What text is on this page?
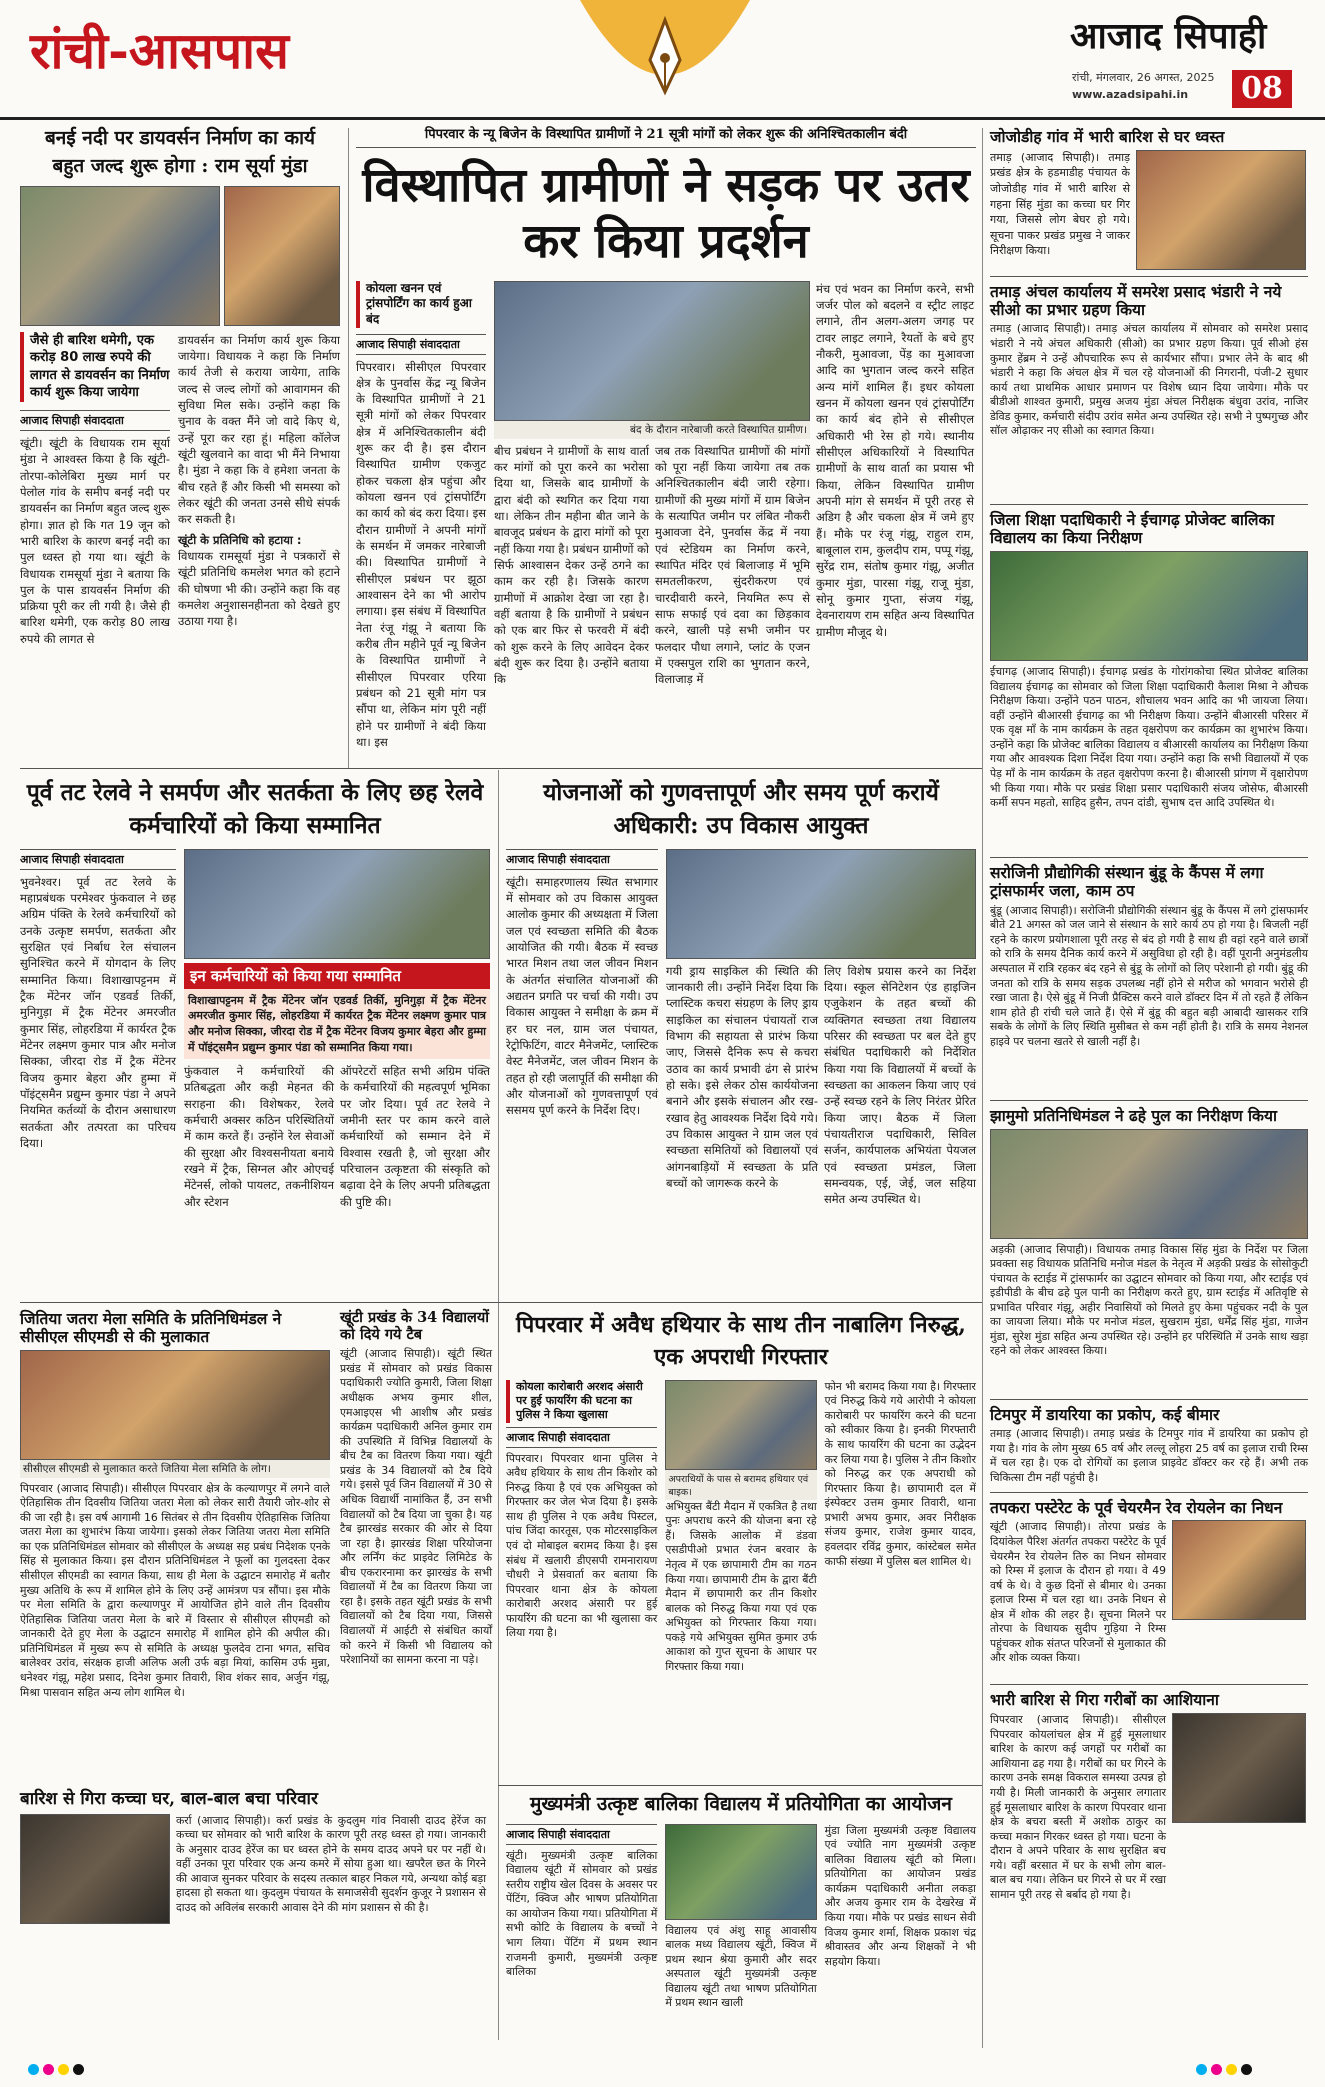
रांची-आसपास	आजाद सिपाही
रांची, मंगलवार, 26 अगस्त, 2025
www.azadsipahi.in	08
बनई नदी पर डायवर्सन निर्माण का कार्य
बहुत जल्द शुरू होगा : राम सूर्या मुंडा
जैसे ही बारिश थमेगी, एक करोड़ 80 लाख रुपये की लागत से डायवर्सन का निर्माण कार्य शुरू किया जायेगा
आजाद सिपाही संवाददाता
खूंटी। खूंटी के विधायक राम सूर्या मुंडा ने आश्वस्त किया है कि खूंटी-तोरपा-कोलेबिरा मुख्य मार्ग पर पेलोल गांव के समीप बनई नदी पर डायवर्सन का निर्माण बहुत जल्द शुरू होगा। ज्ञात हो कि गत 19 जून को भारी बारिश के कारण बनई नदी का पुल ध्वस्त हो गया था। खूंटी के विधायक रामसूर्या मुंडा ने बताया कि पुल के पास डायवर्सन निर्माण की प्रक्रिया पूरी कर ली गयी है। जैसे ही बारिश थमेगी, एक करोड़ 80 लाख रुपये की लागत से
डायवर्सन का निर्माण कार्य शुरू किया जायेगा। विधायक ने कहा कि निर्माण कार्य तेजी से कराया जायेगा, ताकि जल्द से जल्द लोगों को आवागमन की सुविधा मिल सके। उन्होंने कहा कि चुनाव के वक्त मैंने जो वादे किए थे, उन्हें पूरा कर रहा हूं। महिला कॉलेज खूंटी खुलवाने का वादा भी मैंने निभाया है। मुंडा ने कहा कि वे हमेशा जनता के बीच रहते हैं और किसी भी समस्या को लेकर खूंटी की जनता उनसे सीधे संपर्क कर सकती है।
खूंटी के प्रतिनिधि को हटाया :
विधायक रामसूर्या मुंडा ने पत्रकारों से खूंटी प्रतिनिधि कमलेश भगत को हटाने की घोषणा भी की। उन्होंने कहा कि वह कमलेश अनुशासनहीनता को देखते हुए उठाया गया है।
पिपरवार के न्यू बिजेन के विस्थापित ग्रामीणों ने 21 सूत्री मांगों को लेकर शुरू की अनिश्चितकालीन बंदी
विस्थापित ग्रामीणों ने सड़क पर उतर कर किया प्रदर्शन
कोयला खनन एवं ट्रांसपोर्टिंग का कार्य हुआ बंद
आजाद सिपाही संवाददाता
पिपरवार। सीसीएल पिपरवार क्षेत्र के पुनर्वास केंद्र न्यू बिजेन के विस्थापित ग्रामीणों ने 21 सूत्री मांगों को लेकर पिपरवार क्षेत्र में अनिश्चितकालीन बंदी शुरू कर दी है। इस दौरान विस्थापित ग्रामीण एकजुट होकर चकला क्षेत्र पहुंचा और कोयला खनन एवं ट्रांसपोर्टिंग का कार्य को बंद करा दिया। इस दौरान ग्रामीणों ने अपनी मांगों के समर्थन में जमकर नारेबाजी की। विस्थापित ग्रामीणों ने सीसीएल प्रबंधन पर झूठा आश्वासन देने का भी आरोप लगाया। इस संबंध में विस्थापित नेता रंजू गंझू ने बताया कि करीब तीन महीने पूर्व न्यू बिजेन के विस्थापित ग्रामीणों ने सीसीएल पिपरवार एरिया प्रबंधन को 21 सूत्री मांग पत्र सौंपा था, लेकिन मांग पूरी नहीं होने पर ग्रामीणों ने बंदी किया था। इस
बंद के दौरान नारेबाजी करते विस्थापित ग्रामीण।
बीच प्रबंधन ने ग्रामीणों के साथ वार्ता कर मांगों को पूरा करने का भरोसा दिया था, जिसके बाद ग्रामीणों के द्वारा बंदी को स्थगित कर दिया गया था। लेकिन तीन महीना बीत जाने के बावजूद प्रबंधन के द्वारा मांगों को पूरा नहीं किया गया है। प्रबंधन ग्रामीणों को सिर्फ आश्वासन देकर उन्हें ठगने का काम कर रही है। जिसके कारण ग्रामीणों में आक्रोश देखा जा रहा है। वहीं बताया है कि ग्रामीणों ने प्रबंधन को एक बार फिर से फरवरी में बंदी को शुरू करने के लिए आवेदन देकर बंदी शुरू कर दिया है। उन्होंने बताया कि
जब तक विस्थापित ग्रामीणों की मांगों को पूरा नहीं किया जायेगा तब तक अनिश्चितकालीन बंदी जारी रहेगा। ग्रामीणों की मुख्य मांगों में ग्राम बिजेन के सत्यापित जमीन पर लंबित नौकरी मुआवजा देने, पुनर्वास केंद्र में नया एवं स्टेडियम का निर्माण करने, स्थापित मंदिर एवं बिलाजाड़ में भूमि समतलीकरण, सुंदरीकरण एवं चारदीवारी करने, नियमित रूप से साफ सफाई एवं दवा का छिड़काव करने, खाली पड़े सभी जमीन पर फलदार पौधा लगाने, प्लांट के एजन में एक्सपुल राशि का भुगतान करने, विलाजाड़ में
मंच एवं भवन का निर्माण करने, सभी जर्जर पोल को बदलने व स्ट्रीट लाइट लगाने, तीन अलग-अलग जगह पर टावर लाइट लगाने, रैयतों के बचे हुए नौकरी, मुआवजा, पेंड़ का मुआवजा आदि का भुगतान जल्द करने सहित अन्य मांगें शामिल हैं। इधर कोयला खनन में कोयला खनन एवं ट्रांसपोर्टिंग का कार्य बंद होने से सीसीएल अधिकारी भी रेस हो गये। स्थानीय सीसीएल अधिकारियों ने विस्थापित ग्रामीणों के साथ वार्ता का प्रयास भी किया, लेकिन विस्थापित ग्रामीण अपनी मांग से समर्थन में पूरी तरह से अडिग है और चकला क्षेत्र में जमे हुए हैं। मौके पर रंजू गंझू, राहुल राम, बाबूलाल राम, कुलदीप राम, पप्पू गंझू, सुरेंद्र राम, संतोष कुमार गंझू, अजीत कुमार मुंडा, पारसा गंझू, राजू मुंडा, सोनू कुमार गुप्ता, संजय गंझू, देवनारायण राम सहित अन्य विस्थापित ग्रामीण मौजूद थे।
जोजोडीह गांव में भारी बारिश से घर ध्वस्त
तमाड़ (आजाद सिपाही)। तमाड़ प्रखंड क्षेत्र के हडमाडीह पंचायत के जोजोडीह गांव में भारी बारिश से गहना सिंह मुंडा का कच्चा घर गिर गया, जिससे लोग बेघर हो गये। सूचना पाकर प्रखंड प्रमुख ने जाकर निरीक्षण किया।
तमाड़ अंचल कार्यालय में समरेश प्रसाद भंडारी ने नये सीओ का प्रभार ग्रहण किया
तमाड़ (आजाद सिपाही)। तमाड़ अंचल कार्यालय में सोमवार को समरेश प्रसाद भंडारी ने नये अंचल अधिकारी (सीओ) का प्रभार ग्रहण किया। पूर्व सीओ हंस कुमार हेंब्रम ने उन्हें औपचारिक रूप से कार्यभार सौंपा। प्रभार लेने के बाद श्री भंडारी ने कहा कि अंचल क्षेत्र में चल रहे योजनाओं की निगरानी, पंजी-2 सुधार कार्य तथा प्राथमिक आधार प्रमाणन पर विशेष ध्यान दिया जायेगा। मौके पर बीडीओ शाश्वत कुमारी, प्रमुख अजय मुंडा अंचल निरीक्षक बंधुवा उरांव, नाजिर डेविड कुमार, कर्मचारी संदीप उरांव समेत अन्य उपस्थित रहे। सभी ने पुष्पगुच्छ और सॉल ओढ़ाकर नए सीओ का स्वागत किया।
जिला शिक्षा पदाधिकारी ने ईचागढ़ प्रोजेक्ट बालिका विद्यालय का किया निरीक्षण
ईचागढ़ (आजाद सिपाही)। ईचागढ़ प्रखंड के गोरांगकोचा स्थित प्रोजेक्ट बालिका विद्यालय ईचागढ़ का सोमवार को जिला शिक्षा पदाधिकारी कैलाश मिश्रा ने औचक निरीक्षण किया। उन्होंने पठन पाठन, शौचालय भवन आदि का भी जायजा लिया। वहीं उन्होंने बीआरसी ईचागढ़ का भी निरीक्षण किया। उन्होंने बीआरसी परिसर में एक वृक्ष माँ के नाम कार्यक्रम के तहत वृक्षरोपण कर कार्यक्रम का शुभारंभ किया। उन्होंने कहा कि प्रोजेक्ट बालिका विद्यालय व बीआरसी कार्यालय का निरीक्षण किया गया और आवश्यक दिशा निर्देश दिया गया। उन्होंने कहा कि सभी विद्यालयों में एक पेड़ माँ के नाम कार्यक्रम के तहत वृक्षरोपण करना है। बीआरसी प्रांगण में वृक्षारोपण भी किया गया। मौके पर प्रखंड शिक्षा प्रसार पदाधिकारी संजय जोसेफ, बीआरसी कर्मी सपन महतो, साहिद हुसैन, तपन दांडी, सुभाष दत्त आदि उपस्थित थे।
सरोजिनी प्रौद्योगिकी संस्थान बुंडू के कैंपस में लगा ट्रांसफार्मर जला, काम ठप
बुंडू (आजाद सिपाही)। सरोजिनी प्रौद्योगिकी संस्थान बुंडू के कैंपस में लगे ट्रांसफार्मर बीते 21 अगस्त को जल जाने से संस्थान के सारे कार्य ठप हो गया है। बिजली नहीं रहने के कारण प्रयोगशाला पूरी तरह से बंद हो गयी है साथ ही वहां रहने वाले छात्रों को रात्रि के समय दैनिक कार्य करने में असुविधा हो रही है। वहीं पूरानी अनुमंडलीय अस्पताल में रात्रि रहकर बंद रहने से बुंडू के लोगों को लिए परेशानी हो गयी। बुंडू की जनता को रात्रि के समय सड़क उपलब्ध नहीं होने से मरीज को भगवान भरोसे ही रखा जाता है। ऐसे बुंडू में निजी प्रैक्टिस करने वाले डॉक्टर दिन में तो रहते हैं लेकिन शाम होते ही रांची चले जाते हैं। ऐसे में बुंडू की बहुत बड़ी आबादी खासकर रात्रि सबके के लोगों के लिए स्थिति मुसीबत से कम नहीं होती है। रात्रि के समय नेशनल हाइवे पर चलना खतरे से खाली नहीं है।
झामुमो प्रतिनिधिमंडल ने ढहे पुल का निरीक्षण किया
अड़की (आजाद सिपाही)। विधायक तमाड़ विकास सिंह मुंडा के निर्देश पर जिला प्रवक्ता सह विधायक प्रतिनिधि मनोज मंडल के नेतृत्व में अड़की प्रखंड के सोसोकुटी पंचायत के स्टाईड में ट्रांसफार्मर का उद्घाटन सोमवार को किया गया, और स्टाईड एवं इडीपीडी के बीच ढहे पुल पानी का निरीक्षण करते हुए, ग्राम स्टाईड में अतिवृष्टि से प्रभावित परिवार गंझू, अहीर निवासियों को मिलते हुए केमा पहुंचकर नदी के पुल का जायजा लिया। मौके पर मनोज मंडल, सुखराम मुंडा, धर्मेंद्र सिंह मुंडा, गाजेन मुंडा, सुरेश मुंडा सहित अन्य उपस्थित रहे। उन्होंने हर परिस्थिति में उनके साथ खड़ा रहने को लेकर आश्वस्त किया।
टिमपुर में डायरिया का प्रकोप, कई बीमार
तमाड़ (आजाद सिपाही)। तमाड़ प्रखंड के टिमपुर गांव में डायरिया का प्रकोप हो गया है। गांव के लोग मुख्य 65 वर्ष और लल्लू लोहरा 25 वर्ष का इलाज राची रिम्स में चल रहा है। एक दो रोगियों का इलाज प्राइवेट डॉक्टर कर रहे हैं। अभी तक चिकित्सा टीम नहीं पहुंची है।
तपकरा पस्टेरेट के पूर्व चेयरमैन रेव रोयलेन का निधन
खूंटी (आजाद सिपाही)। तोरपा प्रखंड के दियांकेल पैरिश अंतर्गत तपकरा पस्टेरेट के पूर्व चेयरमैन रेव रोयलेन तिरु का निधन सोमवार को रिम्स में इलाज के दौरान हो गया। वे 49 वर्ष के थे। वे कुछ दिनों से बीमार थे। उनका इलाज रिम्स में चल रहा था। उनके निधन से क्षेत्र में शोक की लहर है। सूचना मिलने पर तोरपा के विधायक सुदीप गुड़िया ने रिम्स पहुंचकर शोक संतप्त परिजनों से मुलाकात की और शोक व्यक्त किया।
भारी बारिश से गिरा गरीबों का आशियाना
पिपरवार (आजाद सिपाही)। सीसीएल पिपरवार कोयलांचल क्षेत्र में हुई मूसलाधार बारिश के कारण कई जगहों पर गरीबों का आशियाना ढह गया है। गरीबों का घर गिरने के कारण उनके समक्ष विकराल समस्या उत्पन्न हो गयी है। मिली जानकारी के अनुसार लगातार हुई मूसलाधार बारिश के कारण पिपरवार थाना क्षेत्र के बचरा बस्ती में अशोक ठाकुर का कच्चा मकान गिरकर ध्वस्त हो गया। घटना के दौरान वे अपने परिवार के साथ सुरक्षित बच गये। वहीं बरसात में घर के सभी लोग बाल-बाल बच गया। लेकिन घर गिरने से घर में रखा सामान पूरी तरह से बर्बाद हो गया है।
पूर्व तट रेलवे ने समर्पण और सतर्कता के लिए छह रेलवे कर्मचारियों को किया सम्मानित
आजाद सिपाही संवाददाता
भुवनेश्वर। पूर्व तट रेलवे के महाप्रबंधक परमेश्वर फुंकवाल ने छह अग्रिम पंक्ति के रेलवे कर्मचारियों को उनके उत्कृष्ट समर्पण, सतर्कता और सुरक्षित एवं निर्बाध रेल संचालन सुनिश्चित करने में योगदान के लिए सम्मानित किया। विशाखापट्टनम में ट्रैक मेंटेनर जॉन एडवर्ड तिर्की, मुनिगुड़ा में ट्रैक मेंटेनर अमरजीत कुमार सिंह, लोहरडिया में कार्यरत ट्रैक मेंटेनर लक्ष्मण कुमार पात्र और मनोज सिक्का, जीरदा रोड में ट्रैक मेंटेनर विजय कुमार बेहरा और हुम्मा में पॉइंट्समैन प्रद्युम्न कुमार पंडा ने अपने नियमित कर्तव्यों के दौरान असाधारण सतर्कता और तत्परता का परिचय दिया।
इन कर्मचारियों को किया गया सम्मानित
विशाखापट्टनम में ट्रैक मेंटेनर जॉन एडवर्ड तिर्की, मुनिगुड़ा में ट्रैक मेंटेनर अमरजीत कुमार सिंह, लोहरडिया में कार्यरत ट्रैक मेंटेनर लक्ष्मण कुमार पात्र और मनोज सिक्का, जीरदा रोड में ट्रैक मेंटेनर विजय कुमार बेहरा और हुम्मा में पॉइंट्समैन प्रद्युम्न कुमार पंडा को सम्मानित किया गया।
फुंकवाल ने कर्मचारियों की प्रतिबद्धता और कड़ी मेहनत की सराहना की। विशेषकर, रेलवे कर्मचारी अक्सर कठिन परिस्थितियों में काम करते हैं। उन्होंने रेल सेवाओं की सुरक्षा और विश्वसनीयता बनाये रखने में ट्रैक, सिग्नल और ओएचई मेंटेनर्स, लोको पायलट, तकनीशियन और स्टेशन
ऑपरेटरों सहित सभी अग्रिम पंक्ति के कर्मचारियों की महत्वपूर्ण भूमिका पर जोर दिया। पूर्व तट रेलवे ने जमीनी स्तर पर काम करने वाले कर्मचारियों को सम्मान देने में विश्वास रखती है, जो सुरक्षा और परिचालन उत्कृष्टता की संस्कृति को बढ़ावा देने के लिए अपनी प्रतिबद्धता की पुष्टि की।
योजनाओं को गुणवत्तापूर्ण और समय पूर्ण करायें अधिकारी: उप विकास आयुक्त
आजाद सिपाही संवाददाता
खूंटी। समाहरणालय स्थित सभागार में सोमवार को उप विकास आयुक्त आलोक कुमार की अध्यक्षता में जिला जल एवं स्वच्छता समिति की बैठक आयोजित की गयी। बैठक में स्वच्छ भारत मिशन तथा जल जीवन मिशन के अंतर्गत संचालित योजनाओं की अद्यतन प्रगति पर चर्चा की गयी। उप विकास आयुक्त ने समीक्षा के क्रम में हर घर नल, ग्राम जल पंचायत, रेट्रोफिटिंग, वाटर मैनेजमेंट, प्लास्टिक वेस्ट मैनेजमेंट, जल जीवन मिशन के तहत हो रही जलापूर्ति की समीक्षा की और योजनाओं को गुणवत्तापूर्ण एवं ससमय पूर्ण करने के निर्देश दिए।
गयी ड्राय साइकिल की स्थिति की जानकारी ली। उन्होंने निर्देश दिया कि प्लास्टिक कचरा संग्रहण के लिए ड्राय साइकिल का संचालन पंचायतों राज विभाग की सहायता से प्रारंभ किया जाए, जिससे दैनिक रूप से कचरा उठाव का कार्य प्रभावी ढंग से प्रारंभ हो सके। इसे लेकर ठोस कार्ययोजना बनाने और इसके संचालन और रख-रखाव हेतु आवश्यक निर्देश दिये गये। उप विकास आयुक्त ने ग्राम जल एवं स्वच्छता समितियों को विद्यालयों एवं आंगनबाड़ियों में स्वच्छता के प्रति बच्चों को जागरूक करने के
लिए विशेष प्रयास करने का निर्देश दिया। स्कूल सेनिटेशन एंड हाइजिन एजुकेशन के तहत बच्चों की व्यक्तिगत स्वच्छता तथा विद्यालय परिसर की स्वच्छता पर बल देते हुए संबंधित पदाधिकारी को निर्देशित किया गया कि विद्यालयों में बच्चों के स्वच्छता का आकलन किया जाए एवं उन्हें स्वच्छ रहने के लिए निरंतर प्रेरित किया जाए। बैठक में जिला पंचायतीराज पदाधिकारी, सिविल सर्जन, कार्यपालक अभियंता पेयजल एवं स्वच्छता प्रमंडल, जिला समन्वयक, एई, जेई, जल सहिया समेत अन्य उपस्थित थे।
जितिया जतरा मेला समिति के प्रतिनिधिमंडल ने सीसीएल सीएमडी से की मुलाकात
सीसीएल सीएमडी से मुलाकात करते जितिया मेला समिति के लोग।
पिपरवार (आजाद सिपाही)। सीसीएल पिपरवार क्षेत्र के कल्याणपुर में लगने वाले ऐतिहासिक तीन दिवसीय जितिया जतरा मेला को लेकर सारी तैयारी जोर-शोर से की जा रही है। इस वर्ष आगामी 16 सितंबर से तीन दिवसीय ऐतिहासिक जितिया जतरा मेला का शुभारंभ किया जायेगा। इसको लेकर जितिया जतरा मेला समिति का एक प्रतिनिधिमंडल सोमवार को सीसीएल के अध्यक्ष सह प्रबंध निदेशक एनके सिंह से मुलाकात किया। इस दौरान प्रतिनिधिमंडल ने फूलों का गुलदस्ता देकर सीसीएल सीएमडी का स्वागत किया, साथ ही मेला के उद्घाटन समारोह में बतौर मुख्य अतिथि के रूप में शामिल होने के लिए उन्हें आमंत्रण पत्र सौंपा। इस मौके पर मेला समिति के द्वारा कल्याणपुर में आयोजित होने वाले तीन दिवसीय ऐतिहासिक जितिया जतरा मेला के बारे में विस्तार से सीसीएल सीएमडी को जानकारी देते हुए मेला के उद्घाटन समारोह में शामिल होने की अपील की। प्रतिनिधिमंडल में मुख्य रूप से समिति के अध्यक्ष फुलदेव टाना भगत, सचिव बालेश्वर उरांव, संरक्षक हाजी अलिफ अली उर्फ बड़ा मियां, कासिम उर्फ मुन्ना, धनेश्वर गंझू, महेश प्रसाद, दिनेश कुमार तिवारी, शिव शंकर साव, अर्जुन गंझू, मिश्रा पासवान सहित अन्य लोग शामिल थे।
खूंटी प्रखंड के 34 विद्यालयों को दिये गये टैब
खूंटी (आजाद सिपाही)। खूंटी स्थित प्रखंड में सोमवार को प्रखंड विकास पदाधिकारी ज्योति कुमारी, जिला शिक्षा अधीक्षक अभय कुमार शील, एमआइएस भी आशीष और प्रखंड कार्यक्रम पदाधिकारी अनिल कुमार राम की उपस्थिति में विभिन्न विद्यालयों के बीच टैब का वितरण किया गया। खूंटी प्रखंड के 34 विद्यालयों को टैब दिये गये। इससे पूर्व जिन विद्यालयों में 30 से अधिक विद्यार्थी नामांकित हैं, उन सभी विद्यालयों को टैब दिया जा चुका है। यह टैब झारखंड सरकार की ओर से दिया जा रहा है। झारखंड शिक्षा परियोजना और लर्निंग कंट प्राइवेट लिमिटेड के बीच एकरारनामा कर झारखंड के सभी विद्यालयों में टैब का वितरण किया जा रहा है। इसके तहत खूंटी प्रखंड के सभी विद्यालयों को टैब दिया गया, जिससे विद्यालयों में आईटी से संबंधित कार्यों को करने में किसी भी विद्यालय को परेशानियों का सामना करना ना पड़े।
बारिश से गिरा कच्चा घर, बाल-बाल बचा परिवार
कर्रा (आजाद सिपाही)। कर्रा प्रखंड के कुदलुम गांव निवासी दाउद हेरेंज का कच्चा घर सोमवार को भारी बारिश के कारण पूरी तरह ध्वस्त हो गया। जानकारी के अनुसार दाउद हेरेंज का घर ध्वस्त होने के समय दाउद अपने घर पर नहीं थे। वहीं उनका पूरा परिवार एक अन्य कमरे में सोया हुआ था। खपरैल छत के गिरने की आवाज सुनकर परिवार के सदस्य तत्काल बाहर निकल गये, अन्यथा कोई बड़ा हादसा हो सकता था। कुदलुम पंचायत के समाजसेवी सुदर्शन कुजूर ने प्रशासन से दाउद को अविलंब सरकारी आवास देने की मांग प्रशासन से की है।
पिपरवार में अवैध हथियार के साथ तीन नाबालिग निरुद्ध, एक अपराधी गिरफ्तार
कोयला कारोबारी अरशद अंसारी पर हुई फायरिंग की घटना का पुलिस ने किया खुलासा
आजाद सिपाही संवाददाता
पिपरवार। पिपरवार थाना पुलिस ने अवैध हथियार के साथ तीन किशोर को निरुद्ध किया है एवं एक अभियुक्त को गिरफ्तार कर जेल भेज दिया है। इसके साथ ही पुलिस ने एक अवैध पिस्टल, पांच जिंदा कारतूस, एक मोटरसाइकिल एवं दो मोबाइल बरामद किया है। इस संबंध में खलारी डीएसपी रामनारायण चौधरी ने प्रेसवार्ता कर बताया कि पिपरवार थाना क्षेत्र के कोयला कारोबारी अरशद अंसारी पर हुई फायरिंग की घटना का भी खुलासा कर लिया गया है।
अपराधियों के पास से बरामद हथियार एवं बाइक।
अभियुक्त बैंटी मैदान में एकत्रित है तथा पुनः अपराध करने की योजना बना रहे हैं। जिसके आलोक में डंडवा एसडीपीओ प्रभात रंजन बरवार के नेतृत्व में एक छापामारी टीम का गठन किया गया। छापामारी टीम के द्वारा बैंटी मैदान में छापामारी कर तीन किशोर बालक को निरुद्ध किया गया एवं एक अभियुक्त को गिरफ्तार किया गया। पकड़े गये अभियुक्त सुमित कुमार उर्फ आकाश को गुप्त सूचना के आधार पर गिरफ्तार किया गया।
फोन भी बरामद किया गया है। गिरफ्तार एवं निरुद्ध किये गये आरोपी ने कोयला कारोबारी पर फायरिंग करने की घटना को स्वीकार किया है। इनकी गिरफ्तारी के साथ फायरिंग की घटना का उद्भेदन कर लिया गया है। पुलिस ने तीन किशोर को निरुद्ध कर एक अपराधी को गिरफ्तार किया है। छापामारी दल में इंस्पेक्टर उत्तम कुमार तिवारी, थाना प्रभारी अभय कुमार, अवर निरीक्षक संजय कुमार, राजेश कुमार यादव, हवलदार रविंद्र कुमार, कांस्टेबल समेत काफी संख्या में पुलिस बल शामिल थे।
मुख्यमंत्री उत्कृष्ट बालिका विद्यालय में प्रतियोगिता का आयोजन
आजाद सिपाही संवाददाता
खूंटी। मुख्यमंत्री उत्कृष्ट बालिका विद्यालय खूंटी में सोमवार को प्रखंड स्तरीय राष्ट्रीय खेल दिवस के अवसर पर पेंटिंग, क्विज और भाषण प्रतियोगिता का आयोजन किया गया। प्रतियोगिता में सभी कोटि के विद्यालय के बच्चों ने भाग लिया। पेंटिंग में प्रथम स्थान राजमनी कुमारी, मुख्यमंत्री उत्कृष्ट बालिका
विद्यालय एवं अंशु साहू आवासीय बालक मध्य विद्यालय खूंटी, क्विज में प्रथम स्थान श्रेया कुमारी और सदर अस्पताल खूंटी मुख्यमंत्री उत्कृष्ट विद्यालय खूंटी तथा भाषण प्रतियोगिता में प्रथम स्थान खाली
मुंडा जिला मुख्यमंत्री उत्कृष्ट विद्यालय एवं ज्योति नाग मुख्यमंत्री उत्कृष्ट बालिका विद्यालय खूंटी को मिला। प्रतियोगिता का आयोजन प्रखंड कार्यक्रम पदाधिकारी अनीता लकड़ा और अजय कुमार राम के देखरेख में किया गया। मौके पर प्रखंड साधन सेवी विजय कुमार शर्मा, शिक्षक प्रकाश चंद्र श्रीवास्तव और अन्य शिक्षकों ने भी सहयोग किया।
